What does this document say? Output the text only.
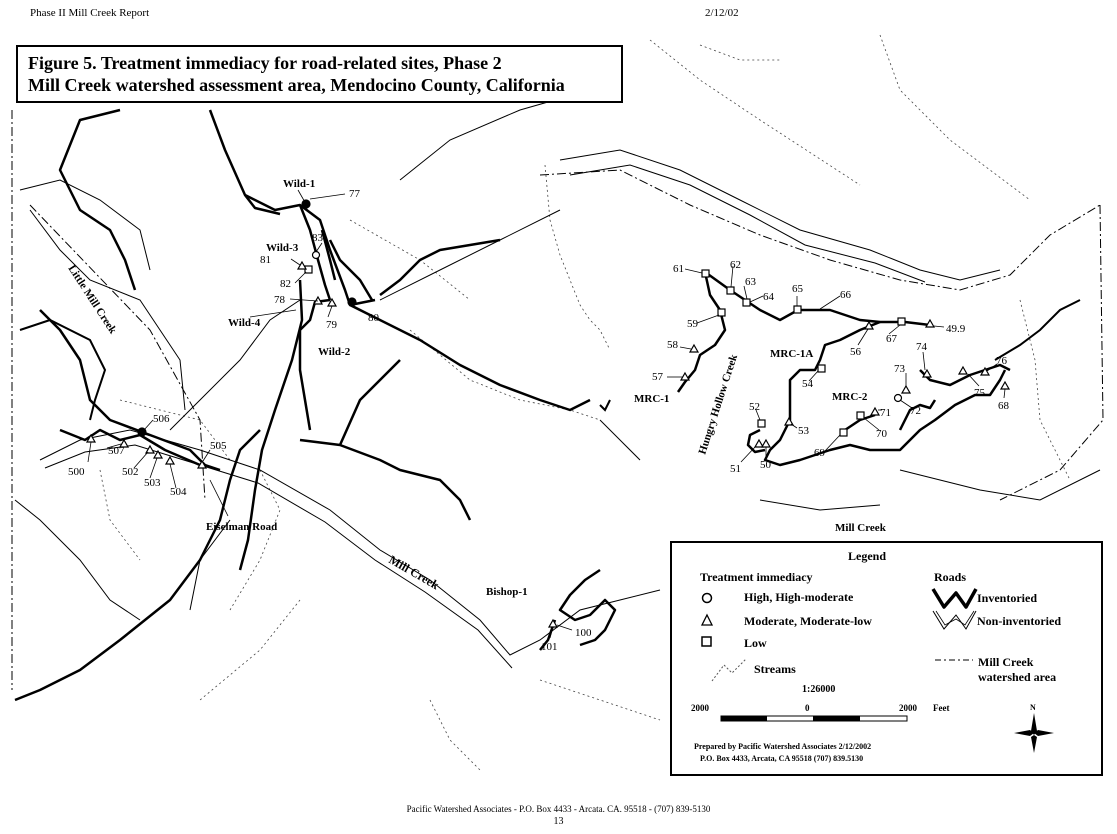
Phase II Mill Creek Report	2/12/02
Wild-1
77
Wild-3
83
81
82
78
79
80
Wild-4
Wild-2
61	62
63
64
65	66
59
58
57
MRC-1 Hungry Hollow Creek	MRC-1A	56
67
49.9
54
74
76
73
75
68
MRC-2
71 72
70
69
52
53
51 50
506
507
500	502
503
504
505
Eiselman Road
Little Mill Creek
Mill Creek
Mill Creek
Bishop-1
100
101
Figure 5. Treatment immediacy for road-related sites, Phase 2
Mill Creek watershed assessment area, Mendocino County, California
Legend
Treatment immediacy	Roads
High, High-moderate
Moderate, Moderate-low
Low
Streams
Inventoried
Non-inventoried
Mill Creek
watershed area
1:26000
2000	0	2000 Feet	N
Prepared by Pacific Watershed Associates 2/12/2002
P.O. Box 4433, Arcata, CA 95518 (707) 839.5130
Pacific Watershed Associates - P.O. Box 4433 - Arcata. CA. 95518 - (707) 839-5130
13
